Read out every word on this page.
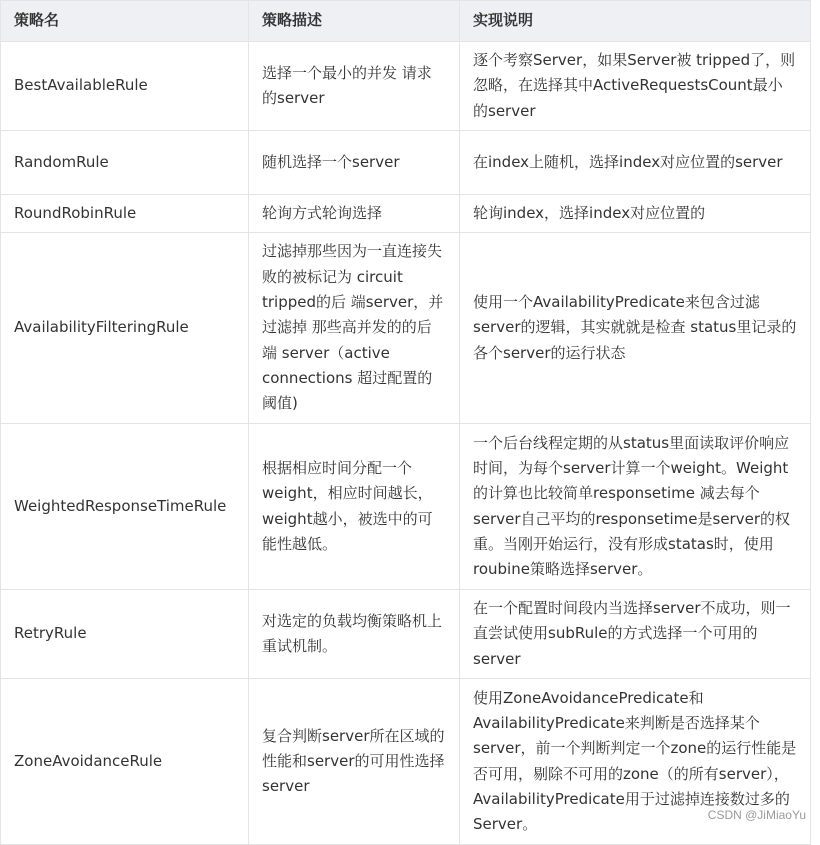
策略名	策略描述	实现说明
BestAvailableRule	选择一个最小的并发 请求的server	逐个考察Server，如果Server被 tripped了，则忽略，在选择其中ActiveRequestsCount最小的server
RandomRule	随机选择一个server	在index上随机，选择index对应位置的server
RoundRobinRule	轮询方式轮询选择	轮询index，选择index对应位置的
AvailabilityFilteringRule	过滤掉那些因为一直连接失败的被标记为 circuit tripped的后 端server，并过滤掉 那些高并发的的后端 server（active connections 超过配置的阈值)	使用一个AvailabilityPredicate来包含过滤server的逻辑，其实就就是检查 status里记录的各个server的运行状态
WeightedResponseTimeRule	根据相应时间分配一个weight，相应时间越长，weight越小，被选中的可能性越低。	一个后台线程定期的从status里面读取评价响应时间，为每个server计算一个weight。Weight的计算也比较简单responsetime 减去每个server自己平均的responsetime是server的权重。当刚开始运行，没有形成statas时，使用roubine策略选择server。
RetryRule	对选定的负载均衡策略机上重试机制。	在一个配置时间段内当选择server不成功，则一直尝试使用subRule的方式选择一个可用的server
ZoneAvoidanceRule	复合判断server所在区域的性能和server的可用性选择server	使用ZoneAvoidancePredicate和AvailabilityPredicate来判断是否选择某个server，前一个判断判定一个zone的运行性能是否可用，剔除不可用的zone（的所有server），AvailabilityPredicate用于过滤掉连接数过多的Server。
CSDN @JiMiaoYu
